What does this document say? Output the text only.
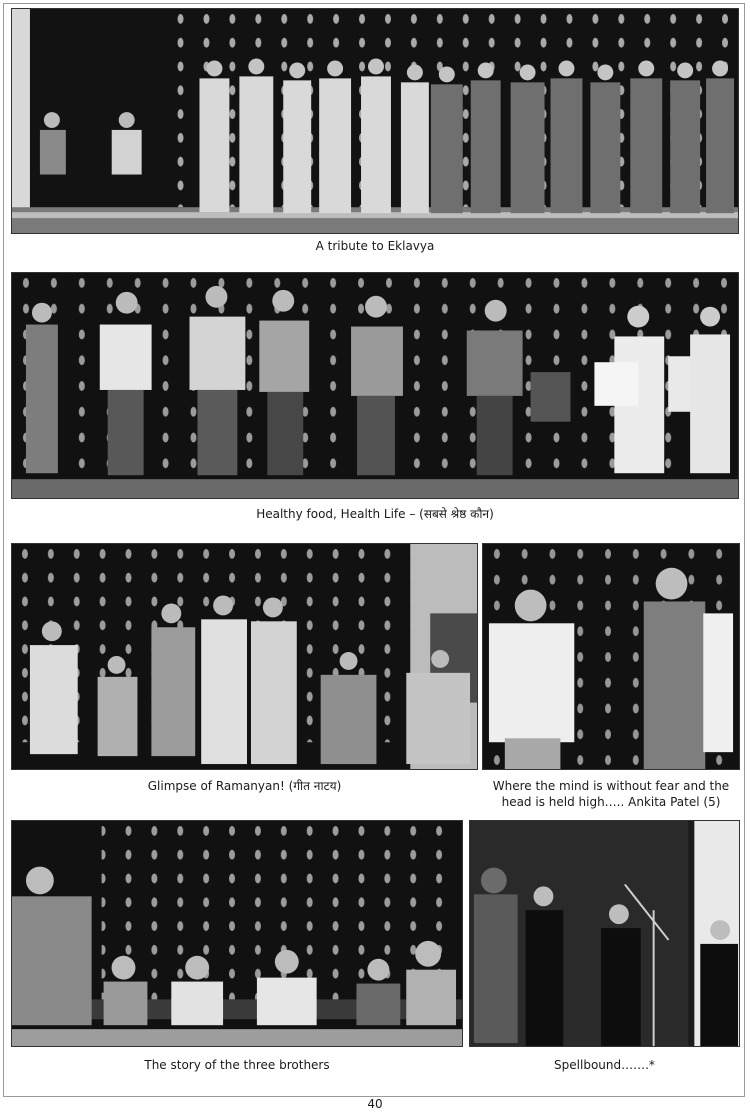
A tribute to Eklavya
Healthy food, Health Life – (सबसे श्रेष्ठ कौन)
Glimpse of Ramanyan! (गीत नाटय)	Where the mind is without fear and the
head is held high….. Ankita Patel (5)
The story of the three brothers	Spellbound…….*
40
